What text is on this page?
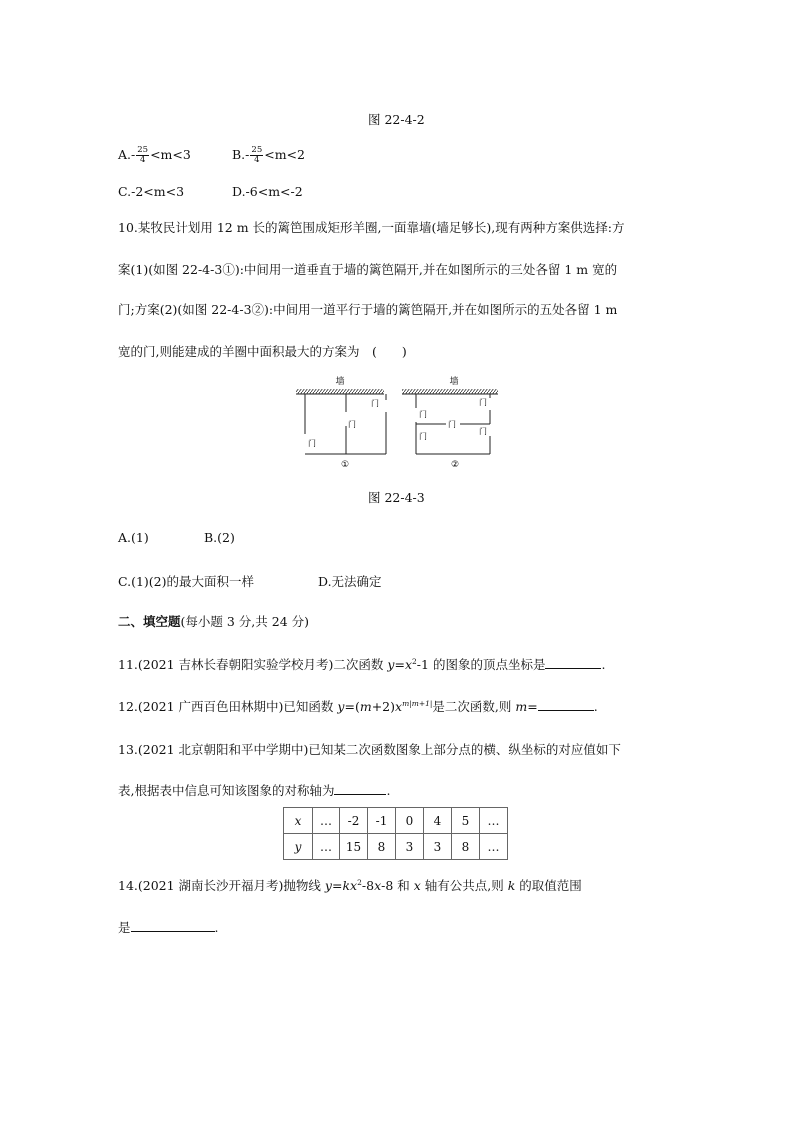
图 22-4-2
$A.- \frac{25}{4} <m<3$	$B.- \frac{25}{4} <m<2$
C.-2<m<3	D.-6<m<-2
10.某牧民计划用 12 m 长的篱笆围成矩形羊圈,一面靠墙(墙足够长),现有两种方案供选择:方
案(1)(如图 22-4-3①):中间用一道垂直于墙的篱笆隔开,并在如图所示的三处各留 1 m 宽的
门;方案(2)(如图 22-4-3②):中间用一道平行于墙的篱笆隔开,并在如图所示的五处各留 1 m
宽的门,则能建成的羊圈中面积最大的方案为　(　　)
墙
门
门
门
①
墙
门
门
门
门
门
②
图 22-4-3
A.(1)	B.(2)
C.(1)(2)的最大面积一样	D.无法确定
二、填空题(每小题 3 分,共 24 分)
11.(2021 吉林长春朝阳实验学校月考)二次函数 $y=x^2-1$ 的图象的顶点坐标是	.
12.(2021 广西百色田林期中)已知函数 $y=(m+2)x^{m|m+1|}$是二次函数,则 m=	.
13.(2021 北京朝阳和平中学期中)已知某二次函数图象上部分点的横、纵坐标的对应值如下
表,根据表中信息可知该图象的对称轴为	.
x	…	-2	-1	0	4	5	…
y	…	15	8	3	3	8	…
14.(2021 湖南长沙开福月考)抛物线 $y=kx^2-8x-8$ 和 x 轴有公共点,则 k 的取值范围
是	.
